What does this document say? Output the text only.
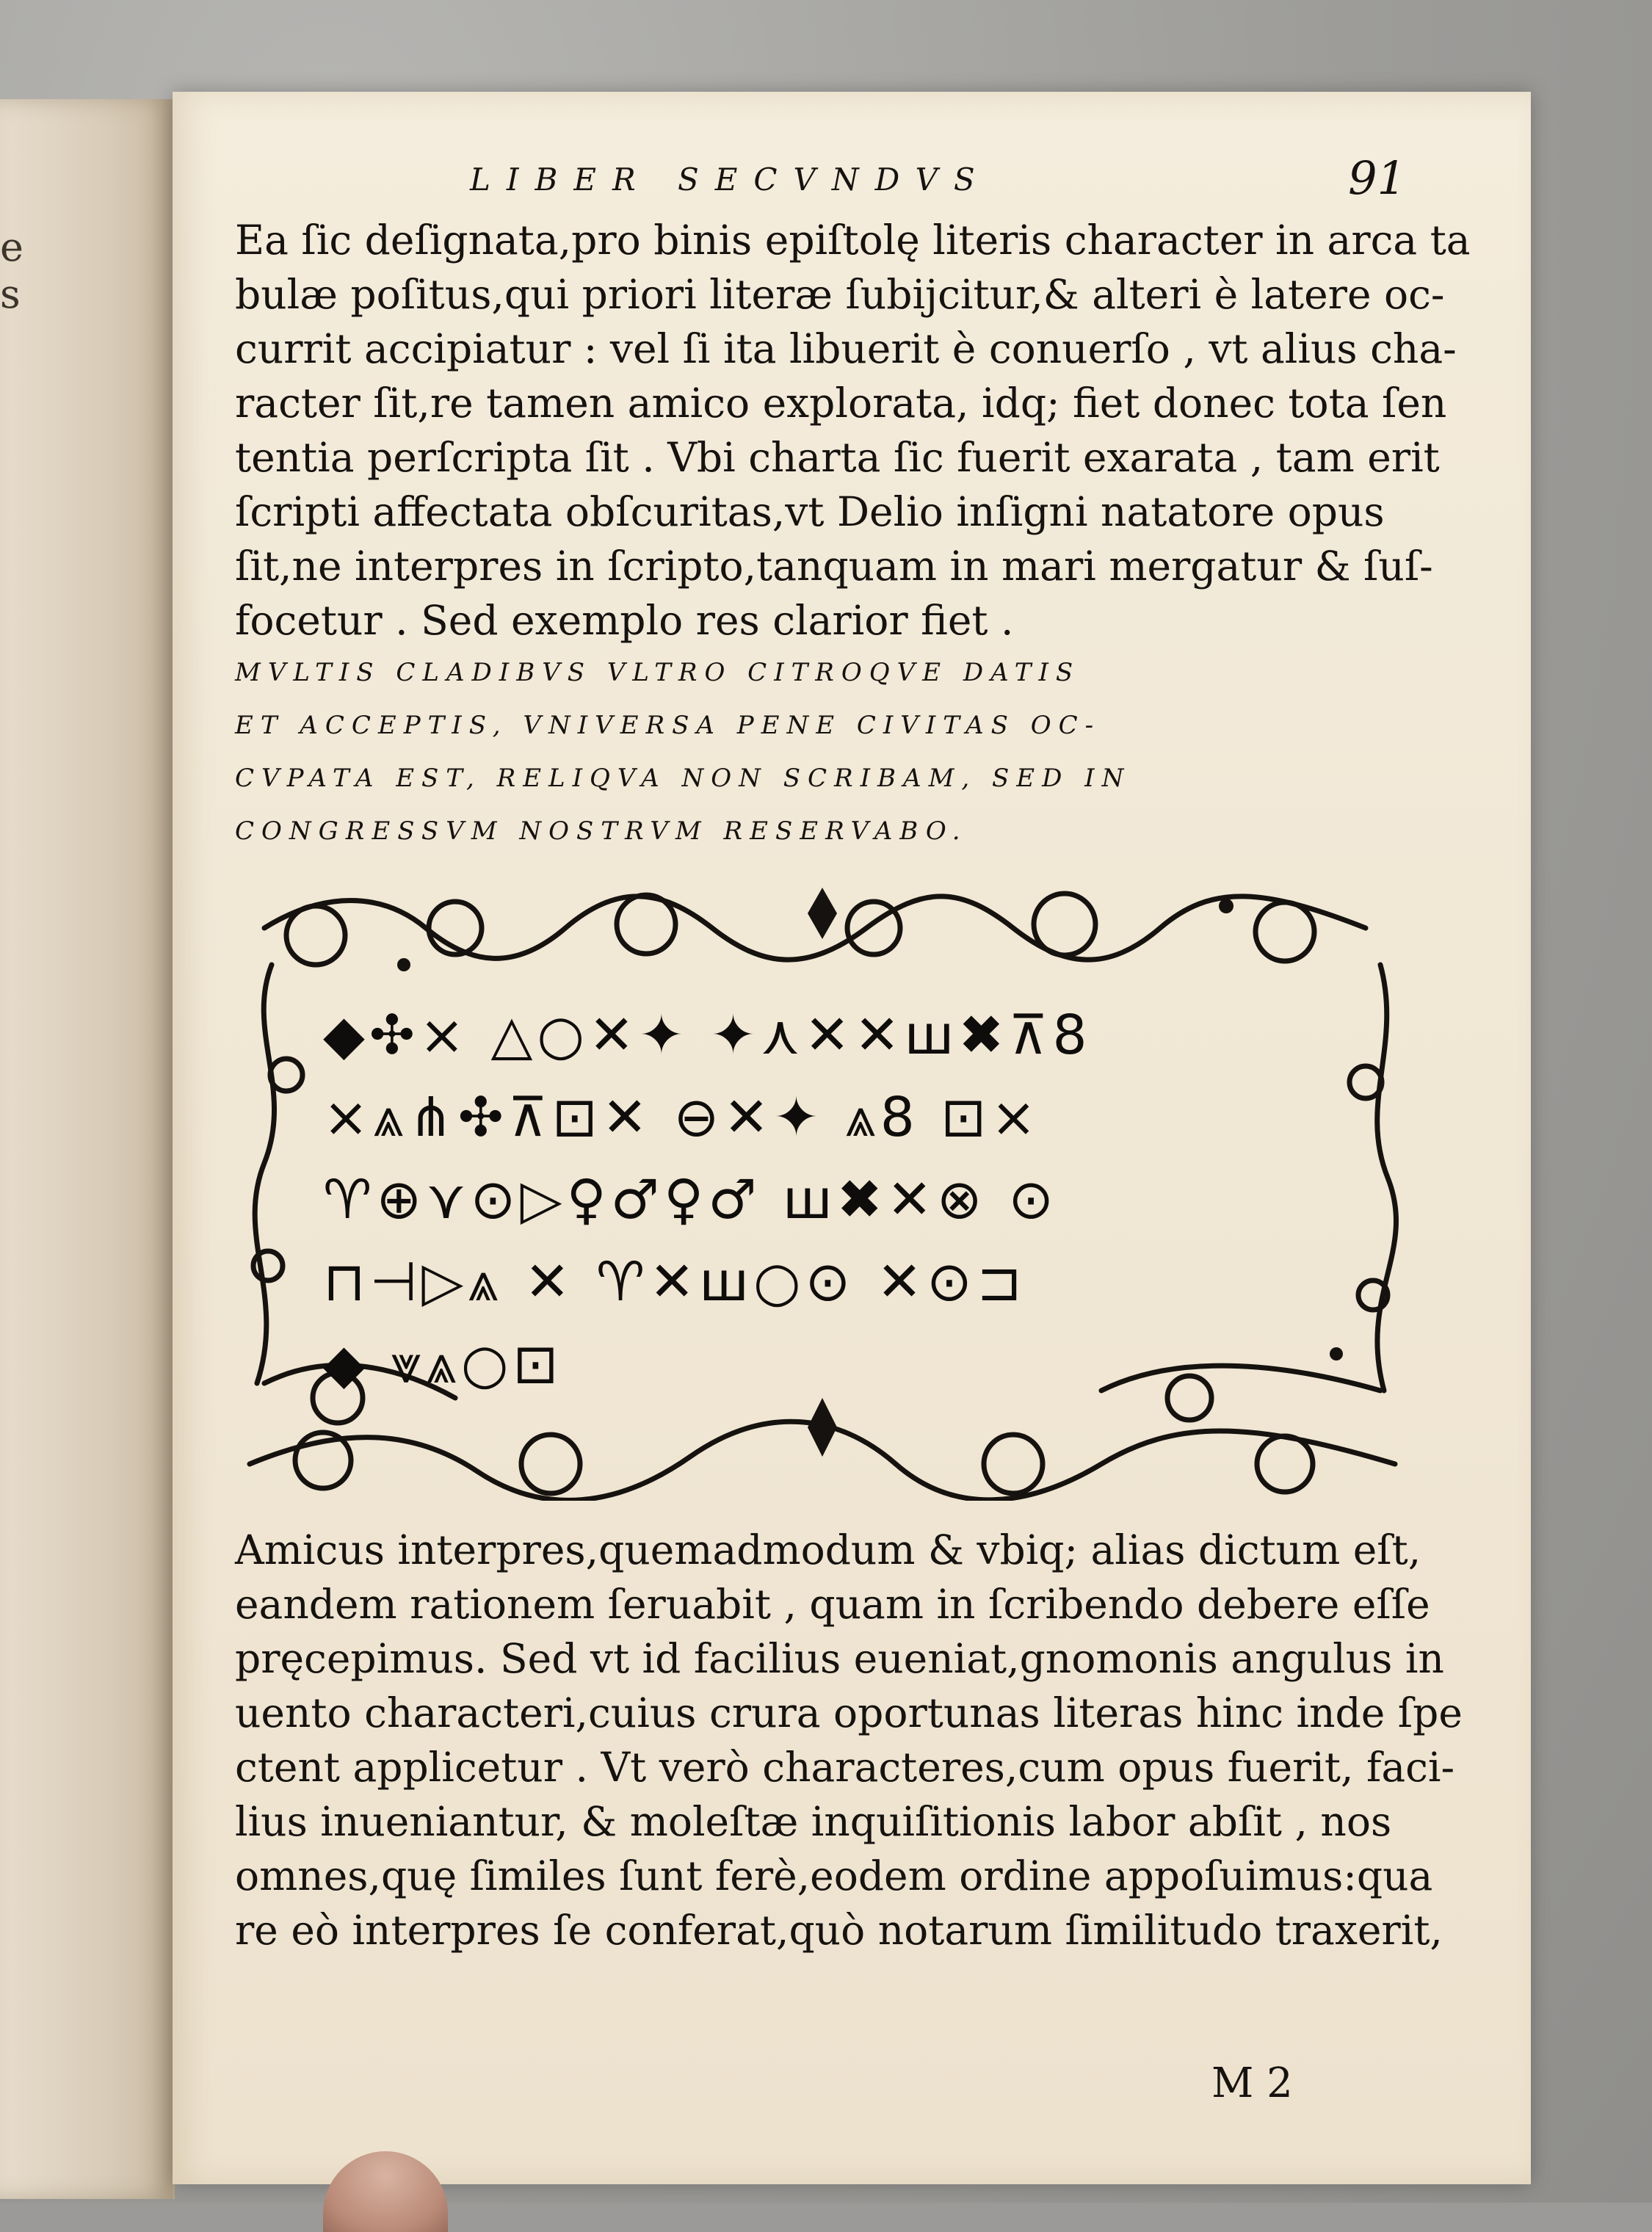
e
s
LIBER SECVNDVS	91

Ea ſic deſignata,pro binis epiſtolę literis character in arca ta
bulæ poſitus,qui priori literæ ſubijcitur,& alteri è latere oc-
currit accipiatur : vel ſi ita libuerit è conuerſo , vt alius cha-
racter ſit,re tamen amico explorata, idq; fiet donec tota ſen
tentia perſcripta ſit . Vbi charta ſic fuerit exarata , tam erit
ſcripti affectata obſcuritas,vt Delio inſigni natatore opus
ſit,ne interpres in ſcripto,tanquam in mari mergatur & ſuſ-
focetur . Sed exemplo res clarior fiet .

MVLTIS CLADIBVS VLTRO CITROQVE DATIS
ET ACCEPTIS, VNIVERSA PENE CIVITAS OC-
CVPATA EST, RELIQVA NON SCRIBAM, SED IN
CONGRESSVM NOSTRVM RESERVABO.
◆✣⨯ △○✕✦ ✦⋏✕✕ш✖⊼8
⨯⩓⋔✣⊼⊡✕ ⊖✕✦ ⩓8 ⊡⨯
♈⊕⋎⊙▷♀♂♀♂ ш✖✕⊗ ⊙
⊓⊣▷⩓ ✕ ♈✕ш○⊙ ✕⊙⊐
◆ ⩔⩓○⊡

Amicus interpres,quemadmodum & vbiq; alias dictum eſt,
eandem rationem ſeruabit , quam in ſcribendo debere eſſe
pręcepimus. Sed vt id facilius eueniat,gnomonis angulus in
uento characteri,cuius crura oportunas literas hinc inde ſpe
ctent applicetur . Vt verò characteres,cum opus fuerit, faci-
lius inueniantur, & moleſtæ inquiſitionis labor abſit , nos
omnes,quę ſimiles ſunt ferè,eodem ordine appoſuimus:qua
re eò interpres ſe conferat,quò notarum ſimilitudo traxerit,

M 2
